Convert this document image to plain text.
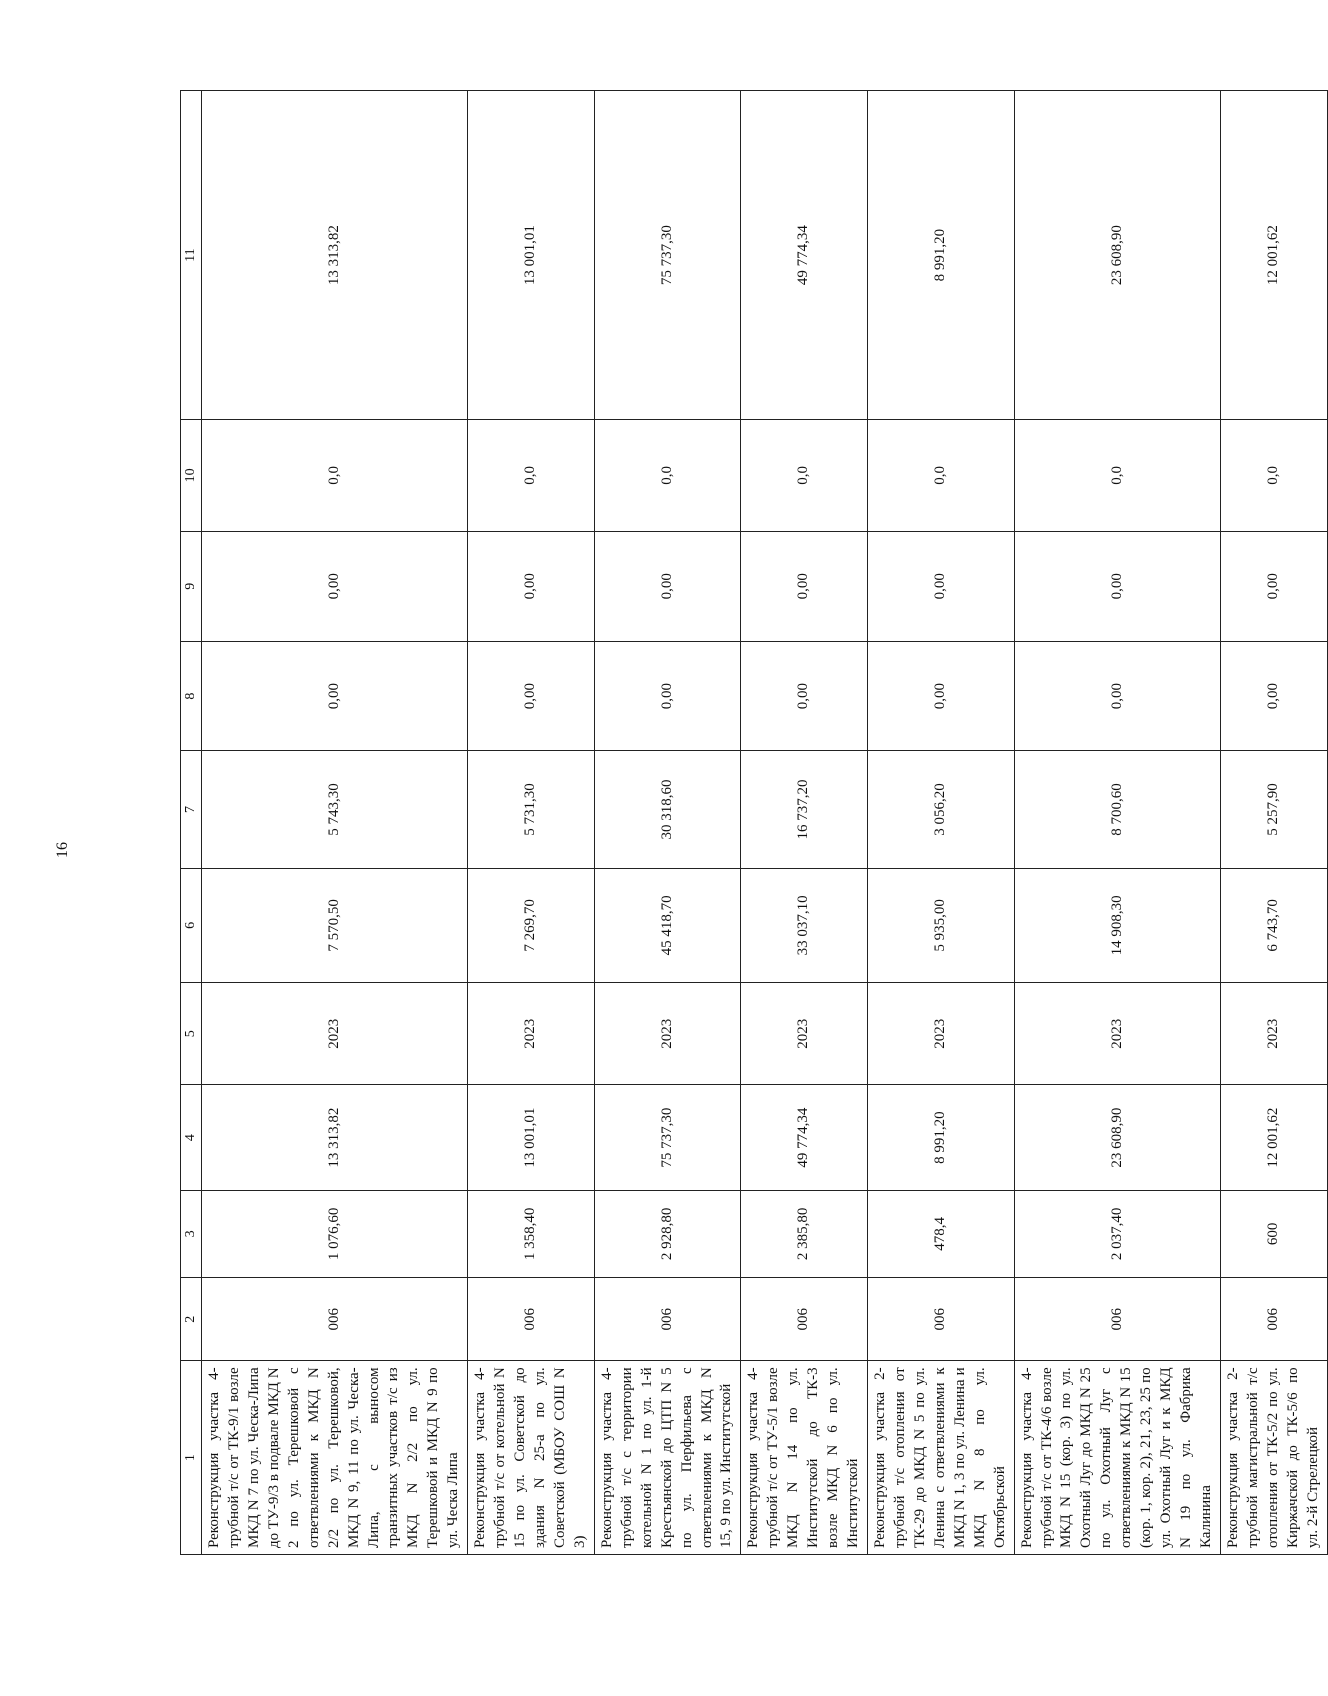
16
1	2	3	4	5	6	7	8	9	10	11
Реконструкция участка 4-трубной т/с от ТК-9/1 возле МКД N 7 по ул. Ческа-Липа до ТУ-9/3 в подвале МКД N 2 по ул. Терешковой с ответвлениями к МКД N 2/2 по ул. Терешковой, МКД N 9, 11 по ул. Ческа-Липа, с выносом транзитных участков т/с из МКД N 2/2 по ул. Терешковой и МКД N 9 по ул. Ческа Липа	006	1 076,60	13 313,82	2023	7 570,50	5 743,30	0,00	0,00	0,0	13 313,82
Реконструкция участка 4-трубной т/с от котельной N 15 по ул. Советской до здания N 25-а по ул. Советской (МБОУ СОШ N 3)	006	1 358,40	13 001,01	2023	7 269,70	5 731,30	0,00	0,00	0,0	13 001,01
Реконструкция участка 4-трубной т/с с территории котельной N 1 по ул. 1-й Крестьянской до ЦТП N 5 по ул. Перфильева с ответвлениями к МКД N 15, 9 по ул. Институтской	006	2 928,80	75 737,30	2023	45 418,70	30 318,60	0,00	0,00	0,0	75 737,30
Реконструкция участка 4-трубной т/с от ТУ-5/1 возле МКД N 14 по ул. Институтской до ТК-3 возле МКД N 6 по ул. Институтской	006	2 385,80	49 774,34	2023	33 037,10	16 737,20	0,00	0,00	0,0	49 774,34
Реконструкция участка 2-трубной т/с отопления от ТК-29 до МКД N 5 по ул. Ленина с ответвлениями к МКД N 1, 3 по ул. Ленина и МКД N 8 по ул. Октябрьской	006	478,4	8 991,20	2023	5 935,00	3 056,20	0,00	0,00	0,0	8 991,20
Реконструкция участка 4-трубной т/с от ТК-4/6 возле МКД N 15 (кор. 3) по ул. Охотный Луг до МКД N 25 по ул. Охотный Луг с ответвлениями к МКД N 15 (кор. 1, кор. 2), 21, 23, 25 по ул. Охотный Луг и к МКД N 19 по ул. Фабрика Калинина	006	2 037,40	23 608,90	2023	14 908,30	8 700,60	0,00	0,00	0,0	23 608,90
Реконструкция участка 2-трубной магистральной т/с отопления от ТК-5/2 по ул. Киржачской до ТК-5/6 по ул. 2-й Стрелецкой	006	600	12 001,62	2023	6 743,70	5 257,90	0,00	0,00	0,0	12 001,62
